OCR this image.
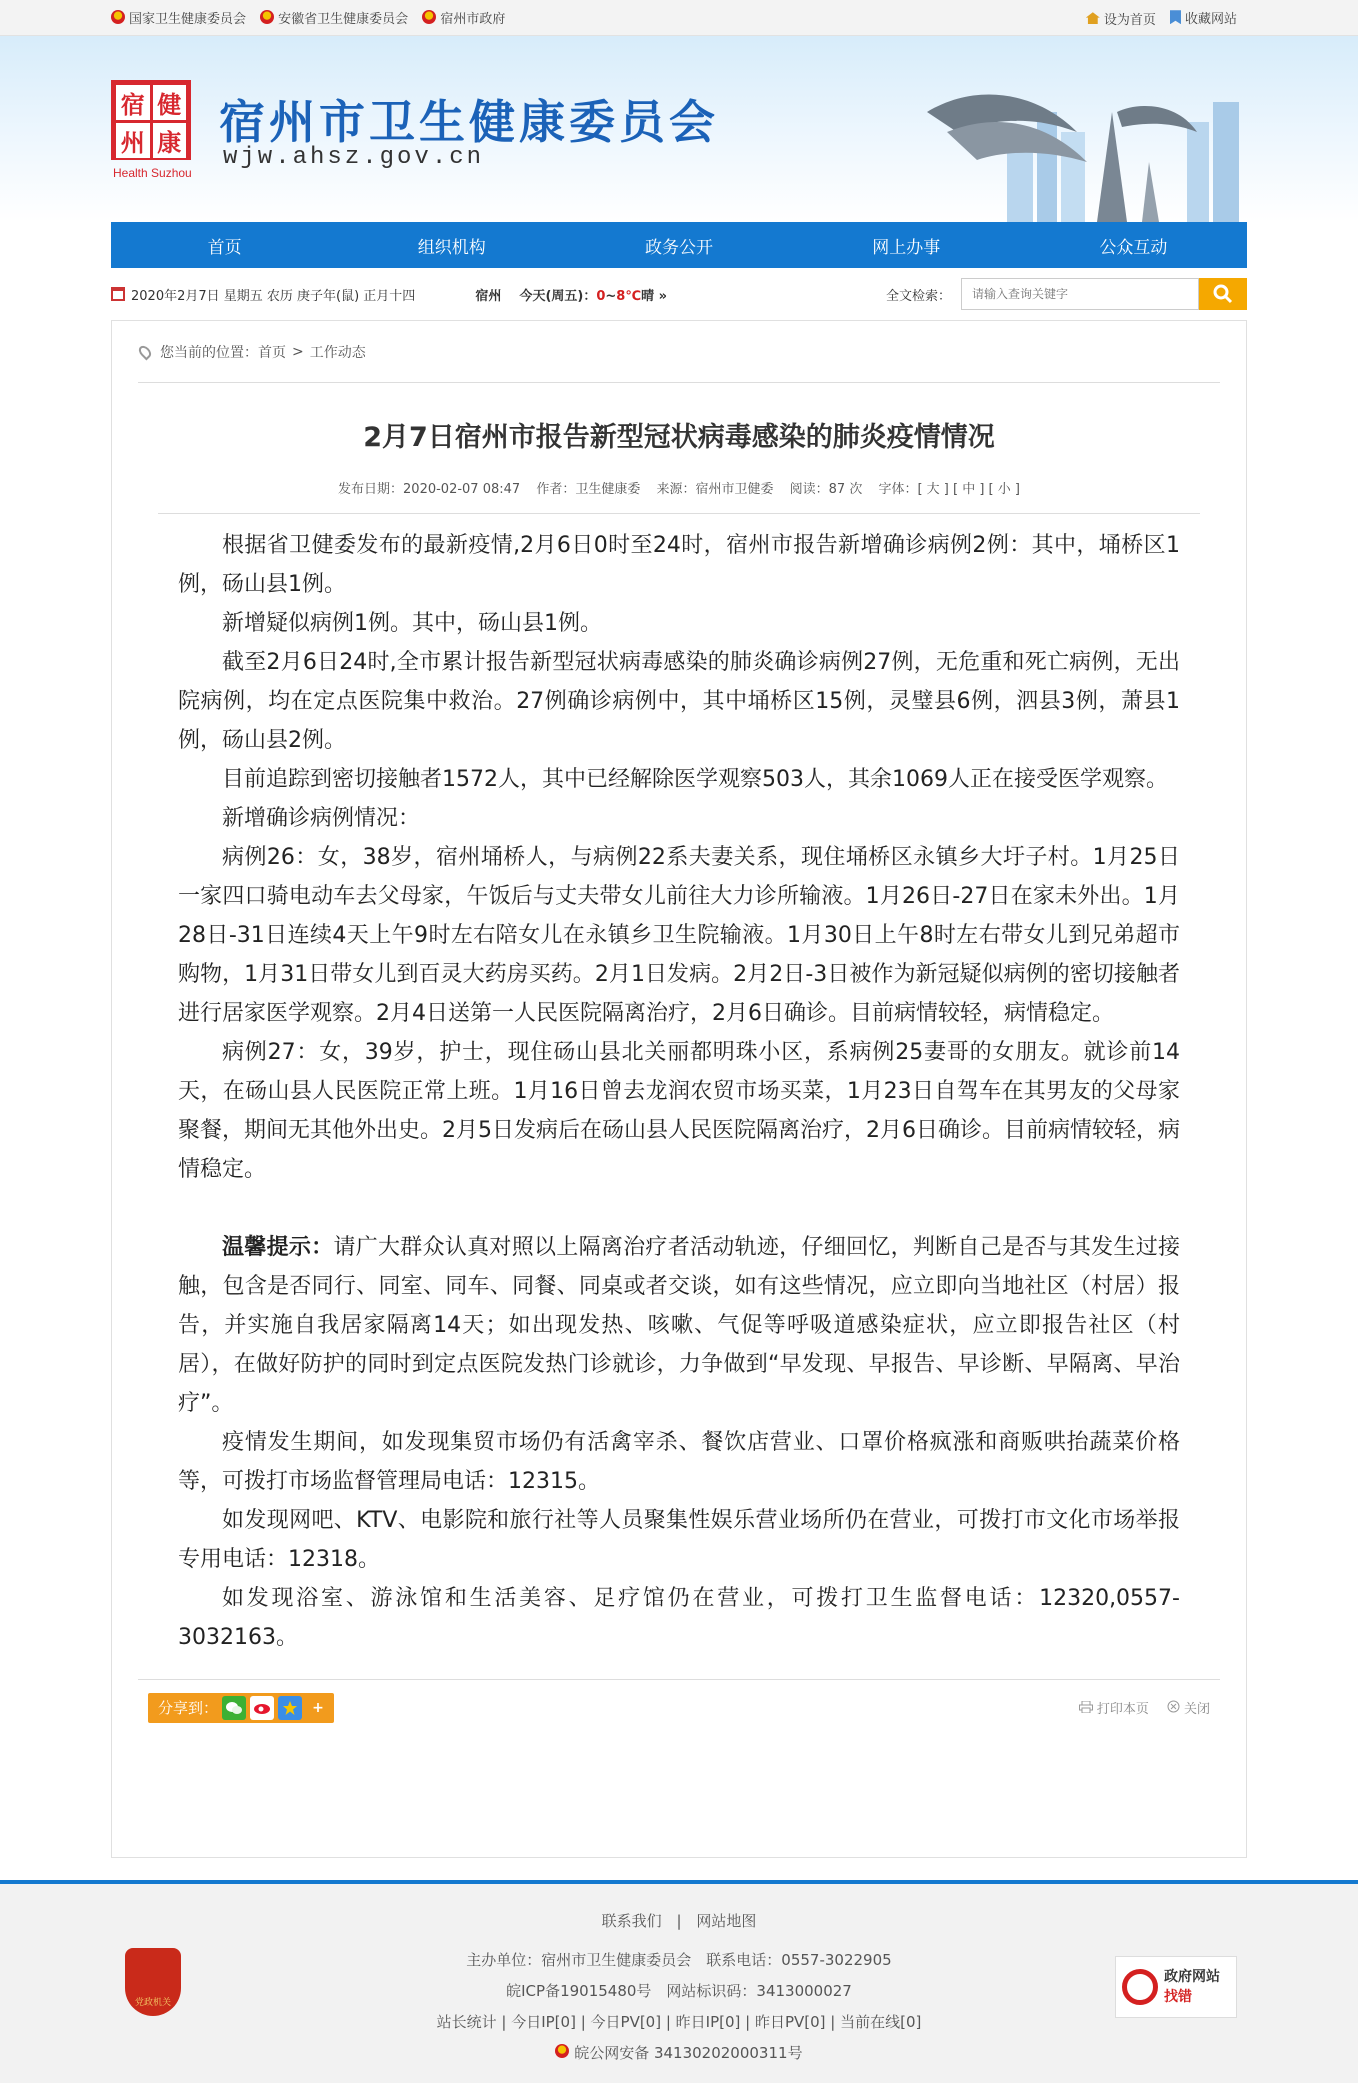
国家卫生健康委员会
安徽省卫生健康委员会
宿州市政府	设为首页
收藏网站
宿 健
州 康
Health Suzhou
宿州市卫生健康委员会
wjw.ahsz.gov.cn
首页	组织机构	政务公开	网上办事	公众互动
2020年2月7日 星期五 农历 庚子年(鼠) 正月十四	宿州 今天(周五)：0~8℃晴 »	全文检索：
请输入查询关键字
您当前的位置： 首页 > 工作动态
2月7日宿州市报告新型冠状病毒感染的肺炎疫情情况
发布日期：2020-02-07 08:47 作者：卫生健康委 来源：宿州市卫健委 阅读：87 次 字体：[ 大 ] [ 中 ] [ 小 ]

根据省卫健委发布的最新疫情,2月6日0时至24时，宿州市报告新增确诊病例2例：其中，埇桥区1例，砀山县1例。

新增疑似病例1例。其中，砀山县1例。

截至2月6日24时,全市累计报告新型冠状病毒感染的肺炎确诊病例27例，无危重和死亡病例，无出院病例，均在定点医院集中救治。27例确诊病例中，其中埇桥区15例，灵璧县6例，泗县3例，萧县1例，砀山县2例。

目前追踪到密切接触者1572人，其中已经解除医学观察503人，其余1069人正在接受医学观察。

新增确诊病例情况：

病例26：女，38岁，宿州埇桥人，与病例22系夫妻关系，现住埇桥区永镇乡大圩子村。1月25日一家四口骑电动车去父母家，午饭后与丈夫带女儿前往大力诊所输液。1月26日-27日在家未外出。1月28日-31日连续4天上午9时左右陪女儿在永镇乡卫生院输液。1月30日上午8时左右带女儿到兄弟超市购物，1月31日带女儿到百灵大药房买药。2月1日发病。2月2日-3日被作为新冠疑似病例的密切接触者进行居家医学观察。2月4日送第一人民医院隔离治疗，2月6日确诊。目前病情较轻，病情稳定。

病例27：女，39岁，护士，现住砀山县北关丽都明珠小区，系病例25妻哥的女朋友。就诊前14天，在砀山县人民医院正常上班。1月16日曾去龙润农贸市场买菜，1月23日自驾车在其男友的父母家聚餐，期间无其他外出史。2月5日发病后在砀山县人民医院隔离治疗，2月6日确诊。目前病情较轻，病情稳定。

温馨提示：请广大群众认真对照以上隔离治疗者活动轨迹，仔细回忆，判断自己是否与其发生过接触，包含是否同行、同室、同车、同餐、同桌或者交谈，如有这些情况，应立即向当地社区（村居）报告，并实施自我居家隔离14天；如出现发热、咳嗽、气促等呼吸道感染症状，应立即报告社区（村居），在做好防护的同时到定点医院发热门诊就诊，力争做到“早发现、早报告、早诊断、早隔离、早治疗”。

疫情发生期间，如发现集贸市场仍有活禽宰杀、餐饮店营业、口罩价格疯涨和商贩哄抬蔬菜价格等，可拨打市场监督管理局电话：12315。

如发现网吧、KTV、电影院和旅行社等人员聚集性娱乐营业场所仍在营业，可拨打市文化市场举报专用电话：12318。

如发现浴室、游泳馆和生活美容、足疗馆仍在营业，可拨打卫生监督电话：12320,0557-3032163。

分享到：	+	打印本页	关闭
党政机关
联系我们 | 网站地图
主办单位：宿州市卫生健康委员会　联系电话：0557-3022905
皖ICP备19015480号　网站标识码：3413000027
站长统计 | 今日IP[0] | 今日PV[0] | 昨日IP[0] | 昨日PV[0] | 当前在线[0]
皖公网安备 34130202000311号
政府网站
找错
